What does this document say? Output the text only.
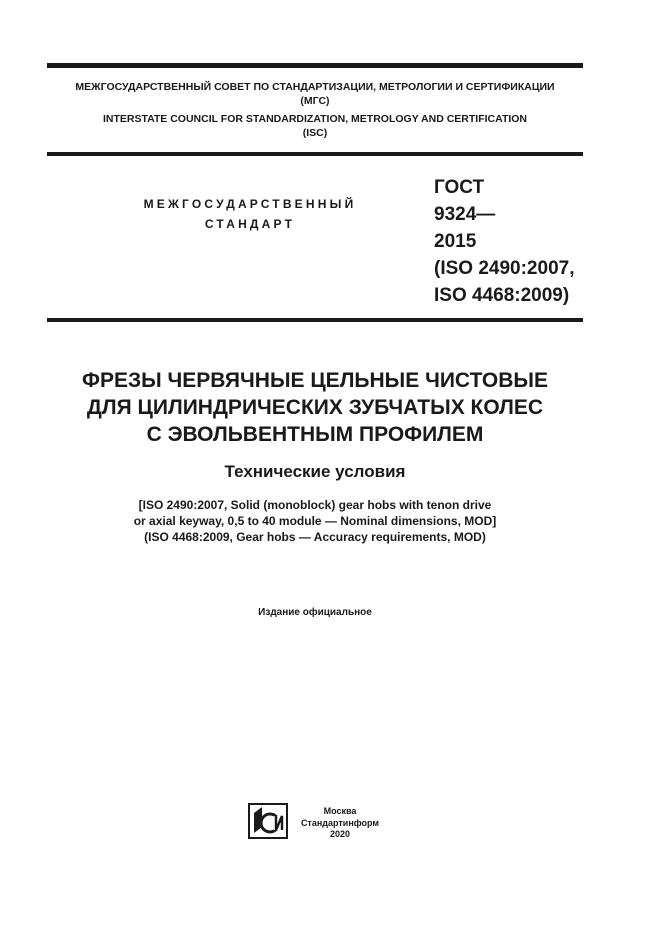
МЕЖГОСУДАРСТВЕННЫЙ СОВЕТ ПО СТАНДАРТИЗАЦИИ, МЕТРОЛОГИИ И СЕРТИФИКАЦИИ
(МГС)
INTERSTATE COUNCIL FOR STANDARDIZATION, METROLOGY AND CERTIFICATION
(ISC)
МЕЖГОСУДАРСТВЕННЫЙ
СТАНДАРТ
ГОСТ
9324—
2015
(ISO 2490:2007,
ISO 4468:2009)
ФРЕЗЫ ЧЕРВЯЧНЫЕ ЦЕЛЬНЫЕ ЧИСТОВЫЕ
ДЛЯ ЦИЛИНДРИЧЕСКИХ ЗУБЧАТЫХ КОЛЕС
С ЭВОЛЬВЕНТНЫМ ПРОФИЛЕМ
Технические условия
[ISO 2490:2007, Solid (monoblock) gear hobs with tenon drive
or axial keyway, 0,5 to 40 module — Nominal dimensions, MOD]
(ISO 4468:2009, Gear hobs — Accuracy requirements, MOD)
Издание официальное
Москва
Стандартинформ
2020
